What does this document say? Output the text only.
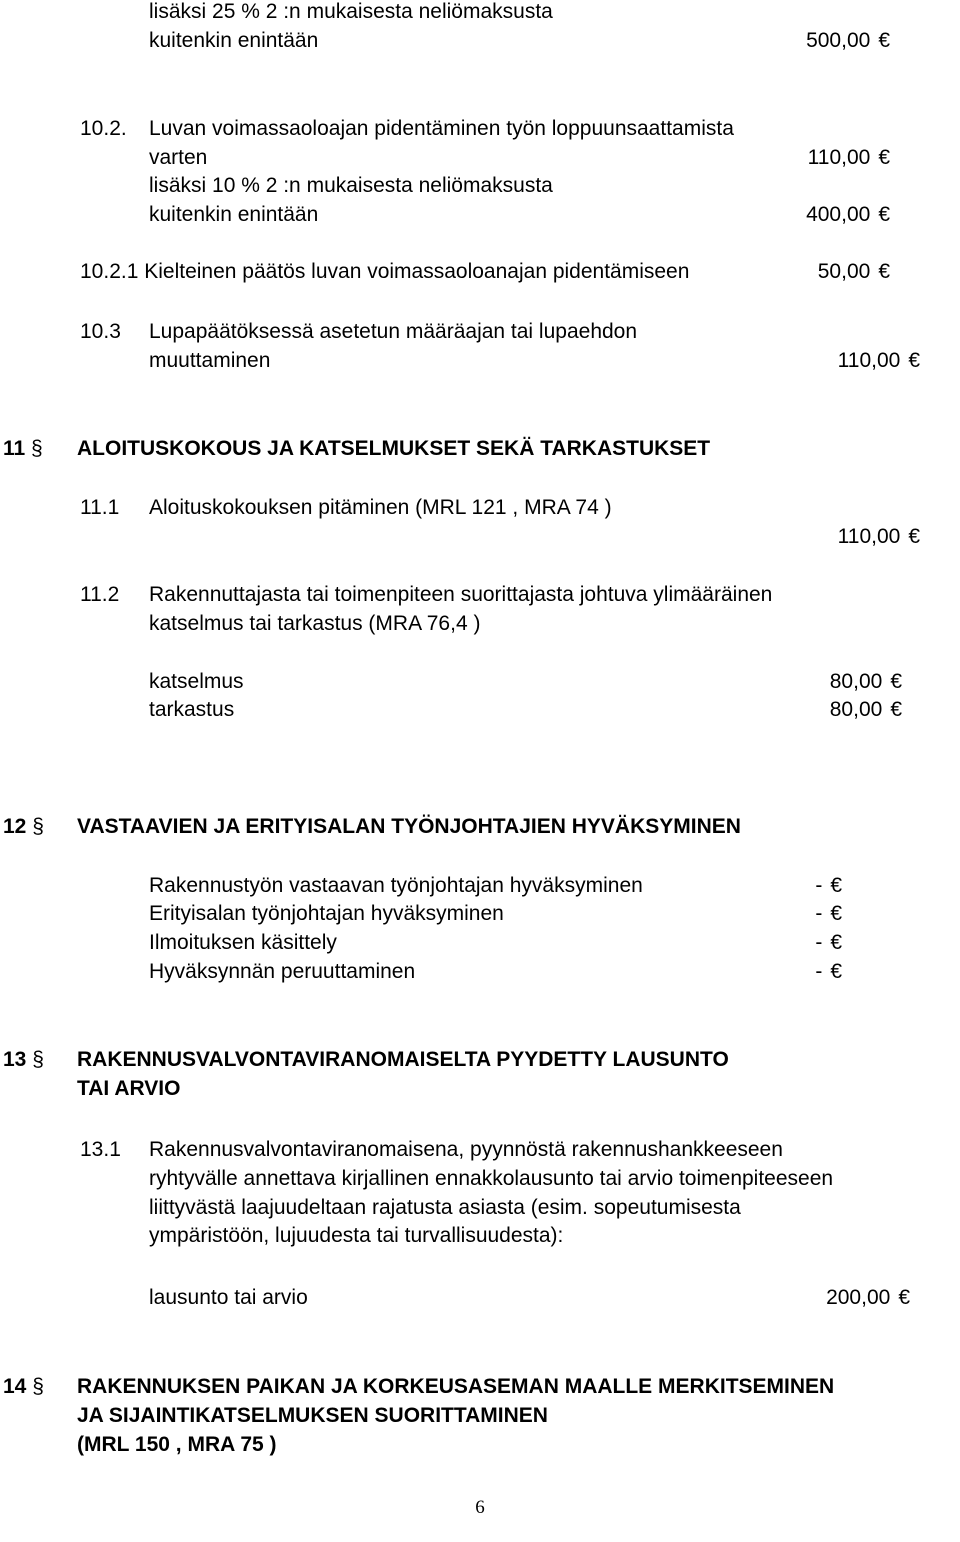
lisäksi 25 % 2 :n mukaisesta neliömaksusta
kuitenkin enintään	500,00 €
10.2. Luvan voimassaoloajan pidentäminen työn loppuunsaattamista
varten	110,00 €
lisäksi 10 % 2 :n mukaisesta neliömaksusta
kuitenkin enintään	400,00 €
10.2.1 Kielteinen päätös luvan voimassaoloanajan pidentämiseen	50,00 €
10.3 Lupapäätöksessä asetetun määräajan tai lupaehdon
muuttaminen	110,00 €
11 § ALOITUSKOKOUS JA KATSELMUKSET SEKÄ TARKASTUKSET
11.1 Aloituskokouksen pitäminen (MRL 121 , MRA 74 )
110,00 €
11.2 Rakennuttajasta tai toimenpiteen suorittajasta johtuva ylimääräinen
katselmus tai tarkastus (MRA 76,4 )
katselmus	80,00 €
tarkastus	80,00 €
12 § VASTAAVIEN JA ERITYISALAN TYÖNJOHTAJIEN HYVÄKSYMINEN
Rakennustyön vastaavan työnjohtajan hyväksyminen	- €
Erityisalan työnjohtajan hyväksyminen	- €
Ilmoituksen käsittely	- €
Hyväksynnän peruuttaminen	- €
13 § RAKENNUSVALVONTAVIRANOMAISELTA PYYDETTY LAUSUNTO
TAI ARVIO
13.1 Rakennusvalvontaviranomaisena, pyynnöstä rakennushankkeeseen
ryhtyvälle annettava kirjallinen ennakkolausunto tai arvio toimenpiteeseen
liittyvästä laajuudeltaan rajatusta asiasta (esim. sopeutumisesta
ympäristöön, lujuudesta tai turvallisuudesta):
lausunto tai arvio	200,00 €
14 § RAKENNUKSEN PAIKAN JA KORKEUSASEMAN MAALLE MERKITSEMINEN
JA SIJAINTIKATSELMUKSEN SUORITTAMINEN
(MRL 150 , MRA 75 )
6
